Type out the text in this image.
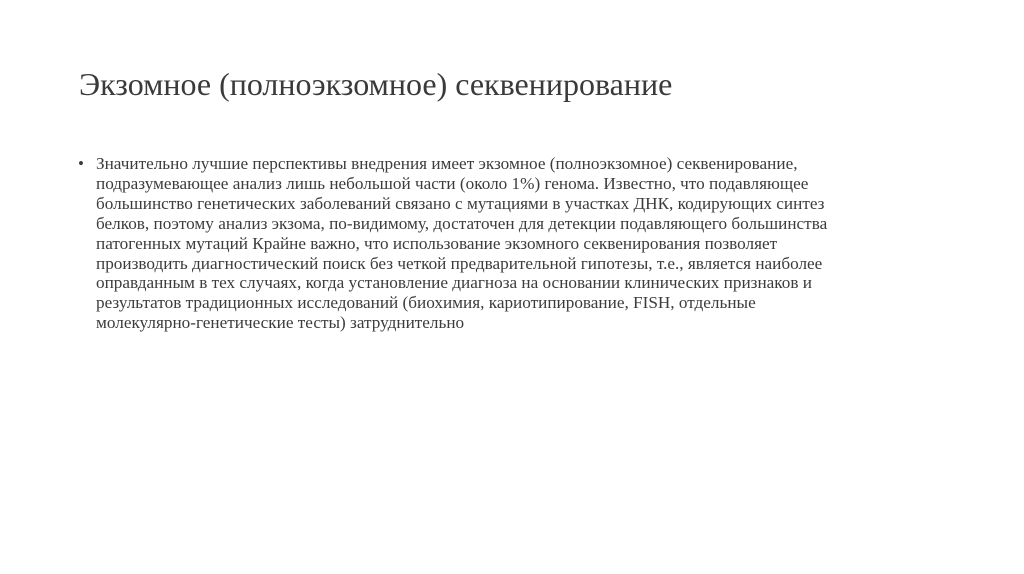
Экзомное (полноэкзомное) секвенирование
• Значительно лучшие перспективы внедрения имеет экзомное (полноэкзомное) секвенирование,
подразумевающее анализ лишь небольшой части (около 1%) генома. Известно, что подавляющее
большинство генетических заболеваний связано с мутациями в участках ДНК, кодирующих синтез
белков, поэтому анализ экзома, по-видимому, достаточен для детекции подавляющего большинства
патогенных мутаций Крайне важно, что использование экзомного секвенирования позволяет
производить диагностический поиск без четкой предварительной гипотезы, т.е., является наиболее
оправданным в тех случаях, когда установление диагноза на основании клинических признаков и
результатов традиционных исследований (биохимия, кариотипирование, FISH, отдельные
молекулярно-генетические тесты) затруднительно
